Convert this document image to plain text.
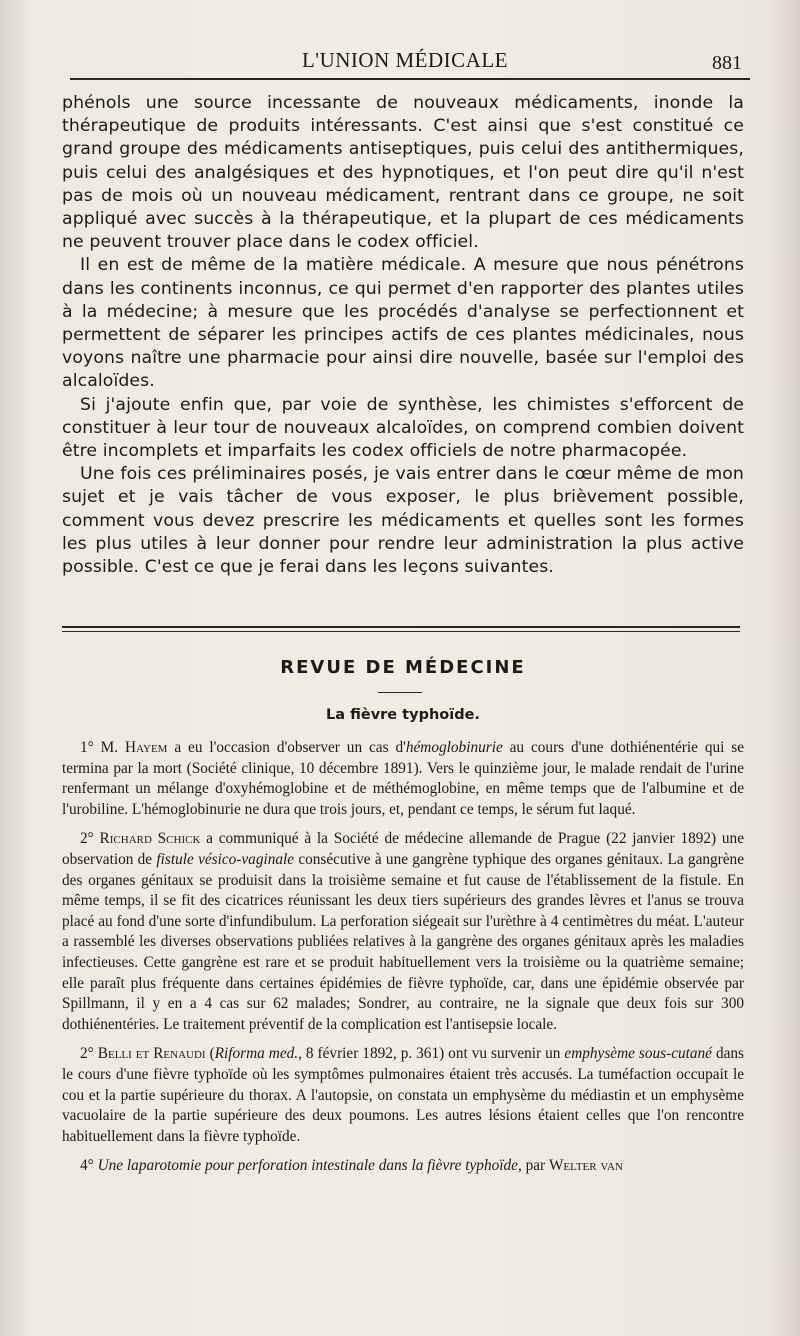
L'UNION MÉDICALE	881

phénols une source incessante de nouveaux médicaments, inonde la thérapeutique de produits intéressants. C'est ainsi que s'est constitué ce grand groupe des médicaments antiseptiques, puis celui des antithermiques, puis celui des analgésiques et des hypnotiques, et l'on peut dire qu'il n'est pas de mois où un nouveau médicament, rentrant dans ce groupe, ne soit appliqué avec succès à la thérapeutique, et la plupart de ces médicaments ne peuvent trouver place dans le codex officiel.

Il en est de même de la matière médicale. A mesure que nous pénétrons dans les continents inconnus, ce qui permet d'en rapporter des plantes utiles à la médecine; à mesure que les procédés d'analyse se perfectionnent et permettent de séparer les principes actifs de ces plantes médicinales, nous voyons naître une pharmacie pour ainsi dire nouvelle, basée sur l'emploi des alcaloïdes.

Si j'ajoute enfin que, par voie de synthèse, les chimistes s'efforcent de constituer à leur tour de nouveaux alcaloïdes, on comprend combien doivent être incomplets et imparfaits les codex officiels de notre pharmacopée.

Une fois ces préliminaires posés, je vais entrer dans le cœur même de mon sujet et je vais tâcher de vous exposer, le plus brièvement possible, comment vous devez prescrire les médicaments et quelles sont les formes les plus utiles à leur donner pour rendre leur administration la plus active possible. C'est ce que je ferai dans les leçons suivantes.

REVUE DE MÉDECINE
La fièvre typhoïde.

1° M. Hayem a eu l'occasion d'observer un cas d'hémoglobinurie au cours d'une dothiénentérie qui se termina par la mort (Société clinique, 10 décembre 1891). Vers le quinzième jour, le malade rendait de l'urine renfermant un mélange d'oxyhémoglobine et de méthémoglobine, en même temps que de l'albumine et de l'urobiline. L'hémoglobinurie ne dura que trois jours, et, pendant ce temps, le sérum fut laqué.

2° Richard Schick a communiqué à la Société de médecine allemande de Prague (22 janvier 1892) une observation de fistule vésico-vaginale consécutive à une gangrène typhique des organes génitaux. La gangrène des organes génitaux se produisit dans la troisième semaine et fut cause de l'établissement de la fistule. En même temps, il se fit des cicatrices réunissant les deux tiers supérieurs des grandes lèvres et l'anus se trouva placé au fond d'une sorte d'infundibulum. La perforation siégeait sur l'urèthre à 4 centimètres du méat. L'auteur a rassemblé les diverses observations publiées relatives à la gangrène des organes génitaux après les maladies infectieuses. Cette gangrène est rare et se produit habituellement vers la troisième ou la quatrième semaine; elle paraît plus fréquente dans certaines épidémies de fièvre typhoïde, car, dans une épidémie observée par Spillmann, il y en a 4 cas sur 62 malades; Sondrer, au contraire, ne la signale que deux fois sur 300 dothiénentéries. Le traitement préventif de la complication est l'antisepsie locale.

2° Belli et Renaudi (Riforma med., 8 février 1892, p. 361) ont vu survenir un emphysème sous-cutané dans le cours d'une fièvre typhoïde où les symptômes pulmonaires étaient très accusés. La tuméfaction occupait le cou et la partie supérieure du thorax. A l'autopsie, on constata un emphysème du médiastin et un emphysème vacuolaire de la partie supérieure des deux poumons. Les autres lésions étaient celles que l'on rencontre habituellement dans la fièvre typhoïde.

4° Une laparotomie pour perforation intestinale dans la fièvre typhoïde, par Welter van
